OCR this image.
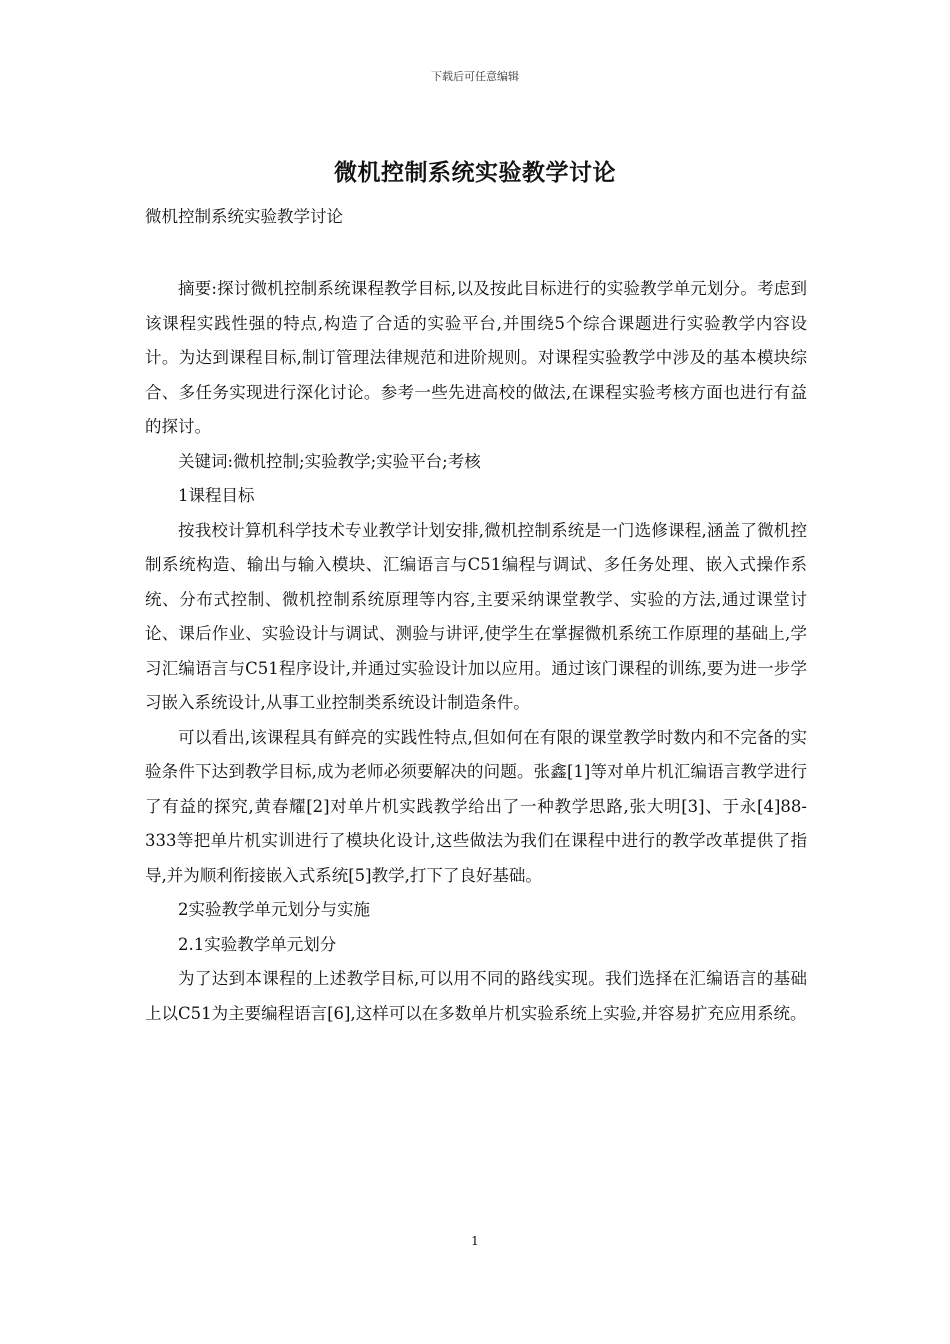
下载后可任意编辑
微机控制系统实验教学讨论
微机控制系统实验教学讨论

摘要:探讨微机控制系统课程教学目标,以及按此目标进行的实验教学单元划分。考虑到该课程实践性强的特点,构造了合适的实验平台,并围绕5个综合课题进行实验教学内容设计。为达到课程目标,制订管理法律规范和进阶规则。对课程实验教学中涉及的基本模块综合、多任务实现进行深化讨论。参考一些先进高校的做法,在课程实验考核方面也进行有益的探讨。

关键词:微机控制;实验教学;实验平台;考核

1课程目标

按我校计算机科学技术专业教学计划安排,微机控制系统是一门选修课程,涵盖了微机控制系统构造、输出与输入模块、汇编语言与C51编程与调试、多任务处理、嵌入式操作系统、分布式控制、微机控制系统原理等内容,主要采纳课堂教学、实验的方法,通过课堂讨论、课后作业、实验设计与调试、测验与讲评,使学生在掌握微机系统工作原理的基础上,学习汇编语言与C51程序设计,并通过实验设计加以应用。通过该门课程的训练,要为进一步学习嵌入系统设计,从事工业控制类系统设计制造条件。

可以看出,该课程具有鲜亮的实践性特点,但如何在有限的课堂教学时数内和不完备的实验条件下达到教学目标,成为老师必须要解决的问题。张鑫[1]等对单片机汇编语言教学进行了有益的探究,黄春耀[2]对单片机实践教学给出了一种教学思路,张大明[3]、于永[4]88-333等把单片机实训进行了模块化设计,这些做法为我们在课程中进行的教学改革提供了指导,并为顺利衔接嵌入式系统[5]教学,打下了良好基础。

2实验教学单元划分与实施

2.1实验教学单元划分

为了达到本课程的上述教学目标,可以用不同的路线实现。我们选择在汇编语言的基础上以C51为主要编程语言[6],这样可以在多数单片机实验系统上实验,并容易扩充应用系统。

1
